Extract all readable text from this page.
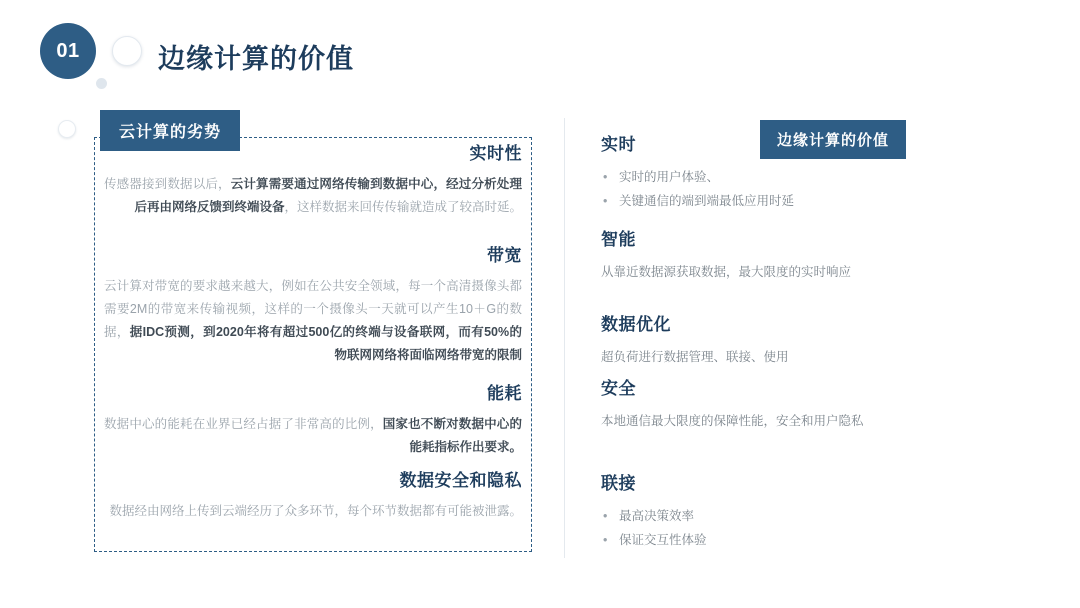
01	边缘计算的价值
云计算的劣势
实时性

传感器接到数据以后，云计算需要通过网络传输到数据中心，经过分析处理后再由网络反馈到终端设备，这样数据来回传传输就造成了较高时延。

带宽

云计算对带宽的要求越来越大，例如在公共安全领域，每一个高清摄像头都需要2M的带宽来传输视频，这样的一个摄像头一天就可以产生10＋G的数据，据IDC预测，到2020年将有超过500亿的终端与设备联网，而有50%的物联网网络将面临网络带宽的限制

能耗

数据中心的能耗在业界已经占据了非常高的比例，国家也不断对数据中心的能耗指标作出要求。

数据安全和隐私

数据经由网络上传到云端经历了众多环节，每个环节数据都有可能被泄露。

边缘计算的价值
实时
• 实时的用户体验、
• 关键通信的端到端最低应用时延
智能

从靠近数据源获取数据，最大限度的实时响应

数据优化

超负荷进行数据管理、联接、使用

安全

本地通信最大限度的保障性能，安全和用户隐私

联接
• 最高决策效率
• 保证交互性体验
